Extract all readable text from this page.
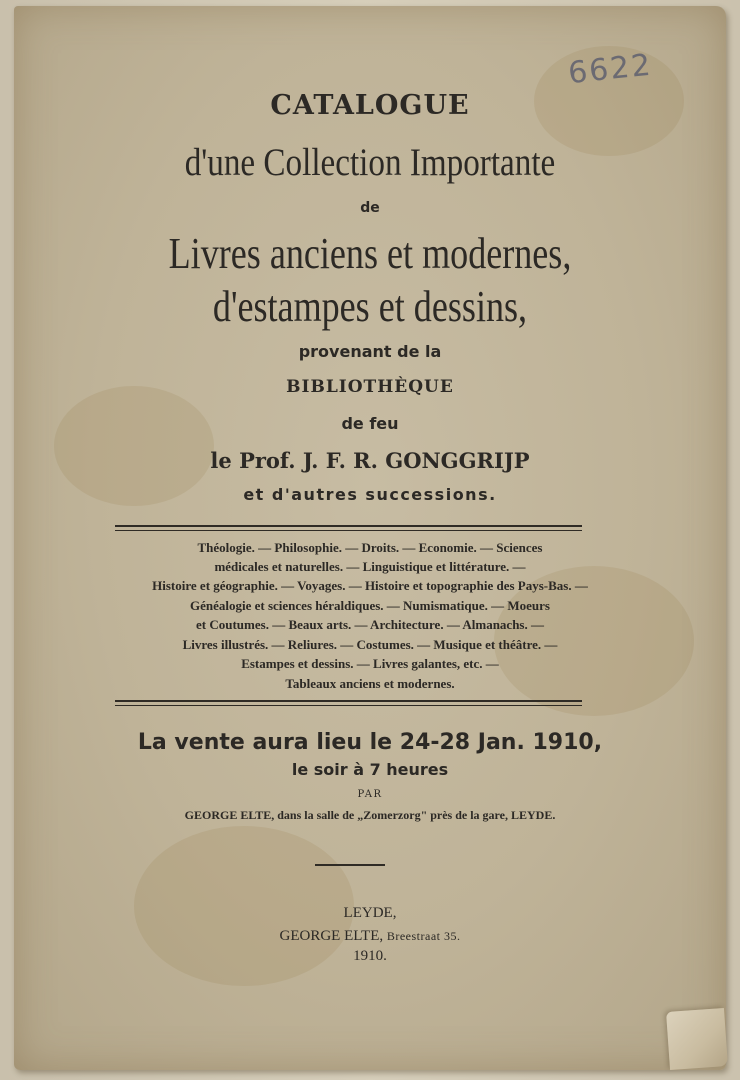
6622
CATALOGUE
d'une Collection Importante
de
Livres anciens et modernes,
d'estampes et dessins,
provenant de la
BIBLIOTHÈQUE
de feu
le Prof. J. F. R. GONGGRIJP
et d'autres successions.
Théologie. — Philosophie. — Droits. — Economie. — Sciences
médicales et naturelles. — Linguistique et littérature. —
Histoire et géographie. — Voyages. — Histoire et topographie des Pays-Bas. —
Généalogie et sciences héraldiques. — Numismatique. — Moeurs
et Coutumes. — Beaux arts. — Architecture. — Almanachs. —
Livres illustrés. — Reliures. — Costumes. — Musique et théâtre. —
Estampes et dessins. — Livres galantes, etc. —
Tableaux anciens et modernes.
La vente aura lieu le 24-28 Jan. 1910,
le soir à 7 heures
PAR
GEORGE ELTE, dans la salle de „Zomerzorg" près de la gare, LEYDE.
LEYDE,
GEORGE ELTE, Breestraat 35.
1910.
